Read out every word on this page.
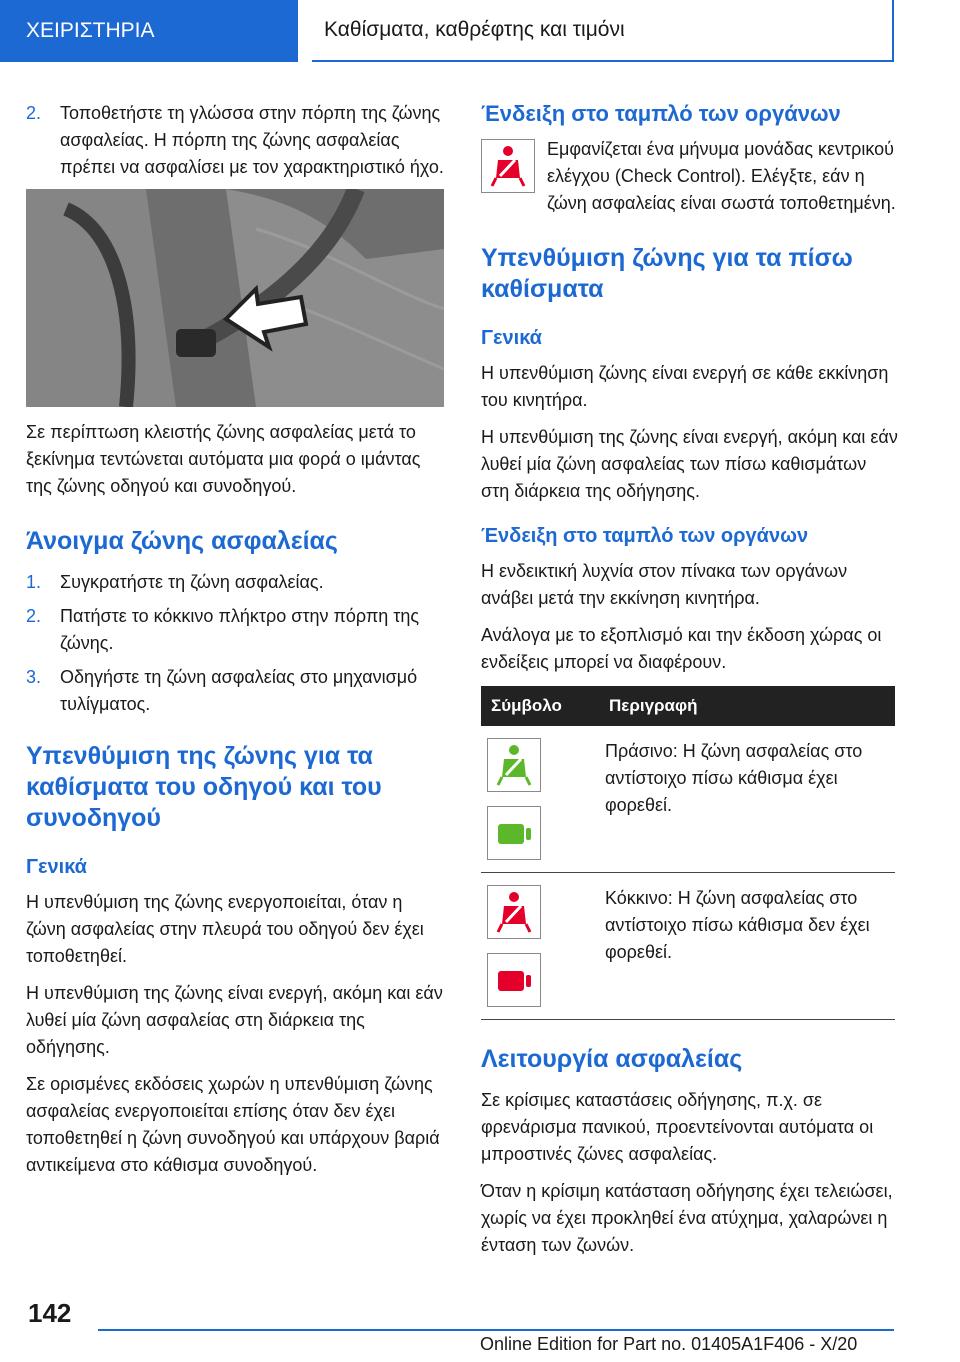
ΧΕΙΡΙΣΤΗΡΙΑ	Καθίσματα, καθρέφτης και τιμόνι
2.	Τοποθετήστε τη γλώσσα στην πόρπη της ζώνης ασφαλείας. Η πόρπη της ζώνης ασφαλείας πρέπει να ασφαλίσει με τον χαρακτηριστικό ήχο.

Σε περίπτωση κλειστής ζώνης ασφαλείας μετά το ξεκίνημα τεντώνεται αυτόματα μια φορά ο ιμάντας της ζώνης οδηγού και συνοδηγού.

Άνοιγμα ζώνης ασφαλείας
1.	Συγκρατήστε τη ζώνη ασφαλείας.
2.	Πατήστε το κόκκινο πλήκτρο στην πόρπη της ζώνης.
3.	Οδηγήστε τη ζώνη ασφαλείας στο μηχανισμό τυλίγματος.
Υπενθύμιση της ζώνης για τα καθίσματα του οδηγού και του συνοδηγού
Γενικά

Η υπενθύμιση της ζώνης ενεργοποιείται, όταν η ζώνη ασφαλείας στην πλευρά του οδηγού δεν έχει τοποθετηθεί.

Η υπενθύμιση της ζώνης είναι ενεργή, ακόμη και εάν λυθεί μία ζώνη ασφαλείας στη διάρκεια της οδήγησης.

Σε ορισμένες εκδόσεις χωρών η υπενθύμιση ζώνης ασφαλείας ενεργοποιείται επίσης όταν δεν έχει τοποθετηθεί η ζώνη συνοδηγού και υπάρχουν βαριά αντικείμενα στο κάθισμα συνοδηγού.

Ένδειξη στο ταμπλό των οργάνων

Εμφανίζεται ένα μήνυμα μονάδας κεντρικού ελέγχου (Check Control). Ελέγξτε, εάν η ζώνη ασφαλείας είναι σωστά τοποθετημένη.

Υπενθύμιση ζώνης για τα πίσω καθίσματα
Γενικά

Η υπενθύμιση ζώνης είναι ενεργή σε κάθε εκκίνηση του κινητήρα.

Η υπενθύμιση της ζώνης είναι ενεργή, ακόμη και εάν λυθεί μία ζώνη ασφαλείας των πίσω καθισμάτων στη διάρκεια της οδήγησης.

Ένδειξη στο ταμπλό των οργάνων

Η ενδεικτική λυχνία στον πίνακα των οργάνων ανάβει μετά την εκκίνηση κινητήρα.

Ανάλογα με το εξοπλισμό και την έκδοση χώρας οι ενδείξεις μπορεί να διαφέρουν.

Σύμβολο	Περιγραφή

	Πράσινο: Η ζώνη ασφαλείας στο αντίστοιχο πίσω κάθισμα έχει φορεθεί.

	Κόκκινο: Η ζώνη ασφαλείας στο αντίστοιχο πίσω κάθισμα δεν έχει φορεθεί.
Λειτουργία ασφαλείας

Σε κρίσιμες καταστάσεις οδήγησης, π.χ. σε φρενάρισμα πανικού, προεντείνονται αυτόματα οι μπροστινές ζώνες ασφαλείας.

Όταν η κρίσιμη κατάσταση οδήγησης έχει τελειώσει, χωρίς να έχει προκληθεί ένα ατύχημα, χαλαρώνει η ένταση των ζωνών.

142
Online Edition for Part no. 01405A1F406 - X/20
